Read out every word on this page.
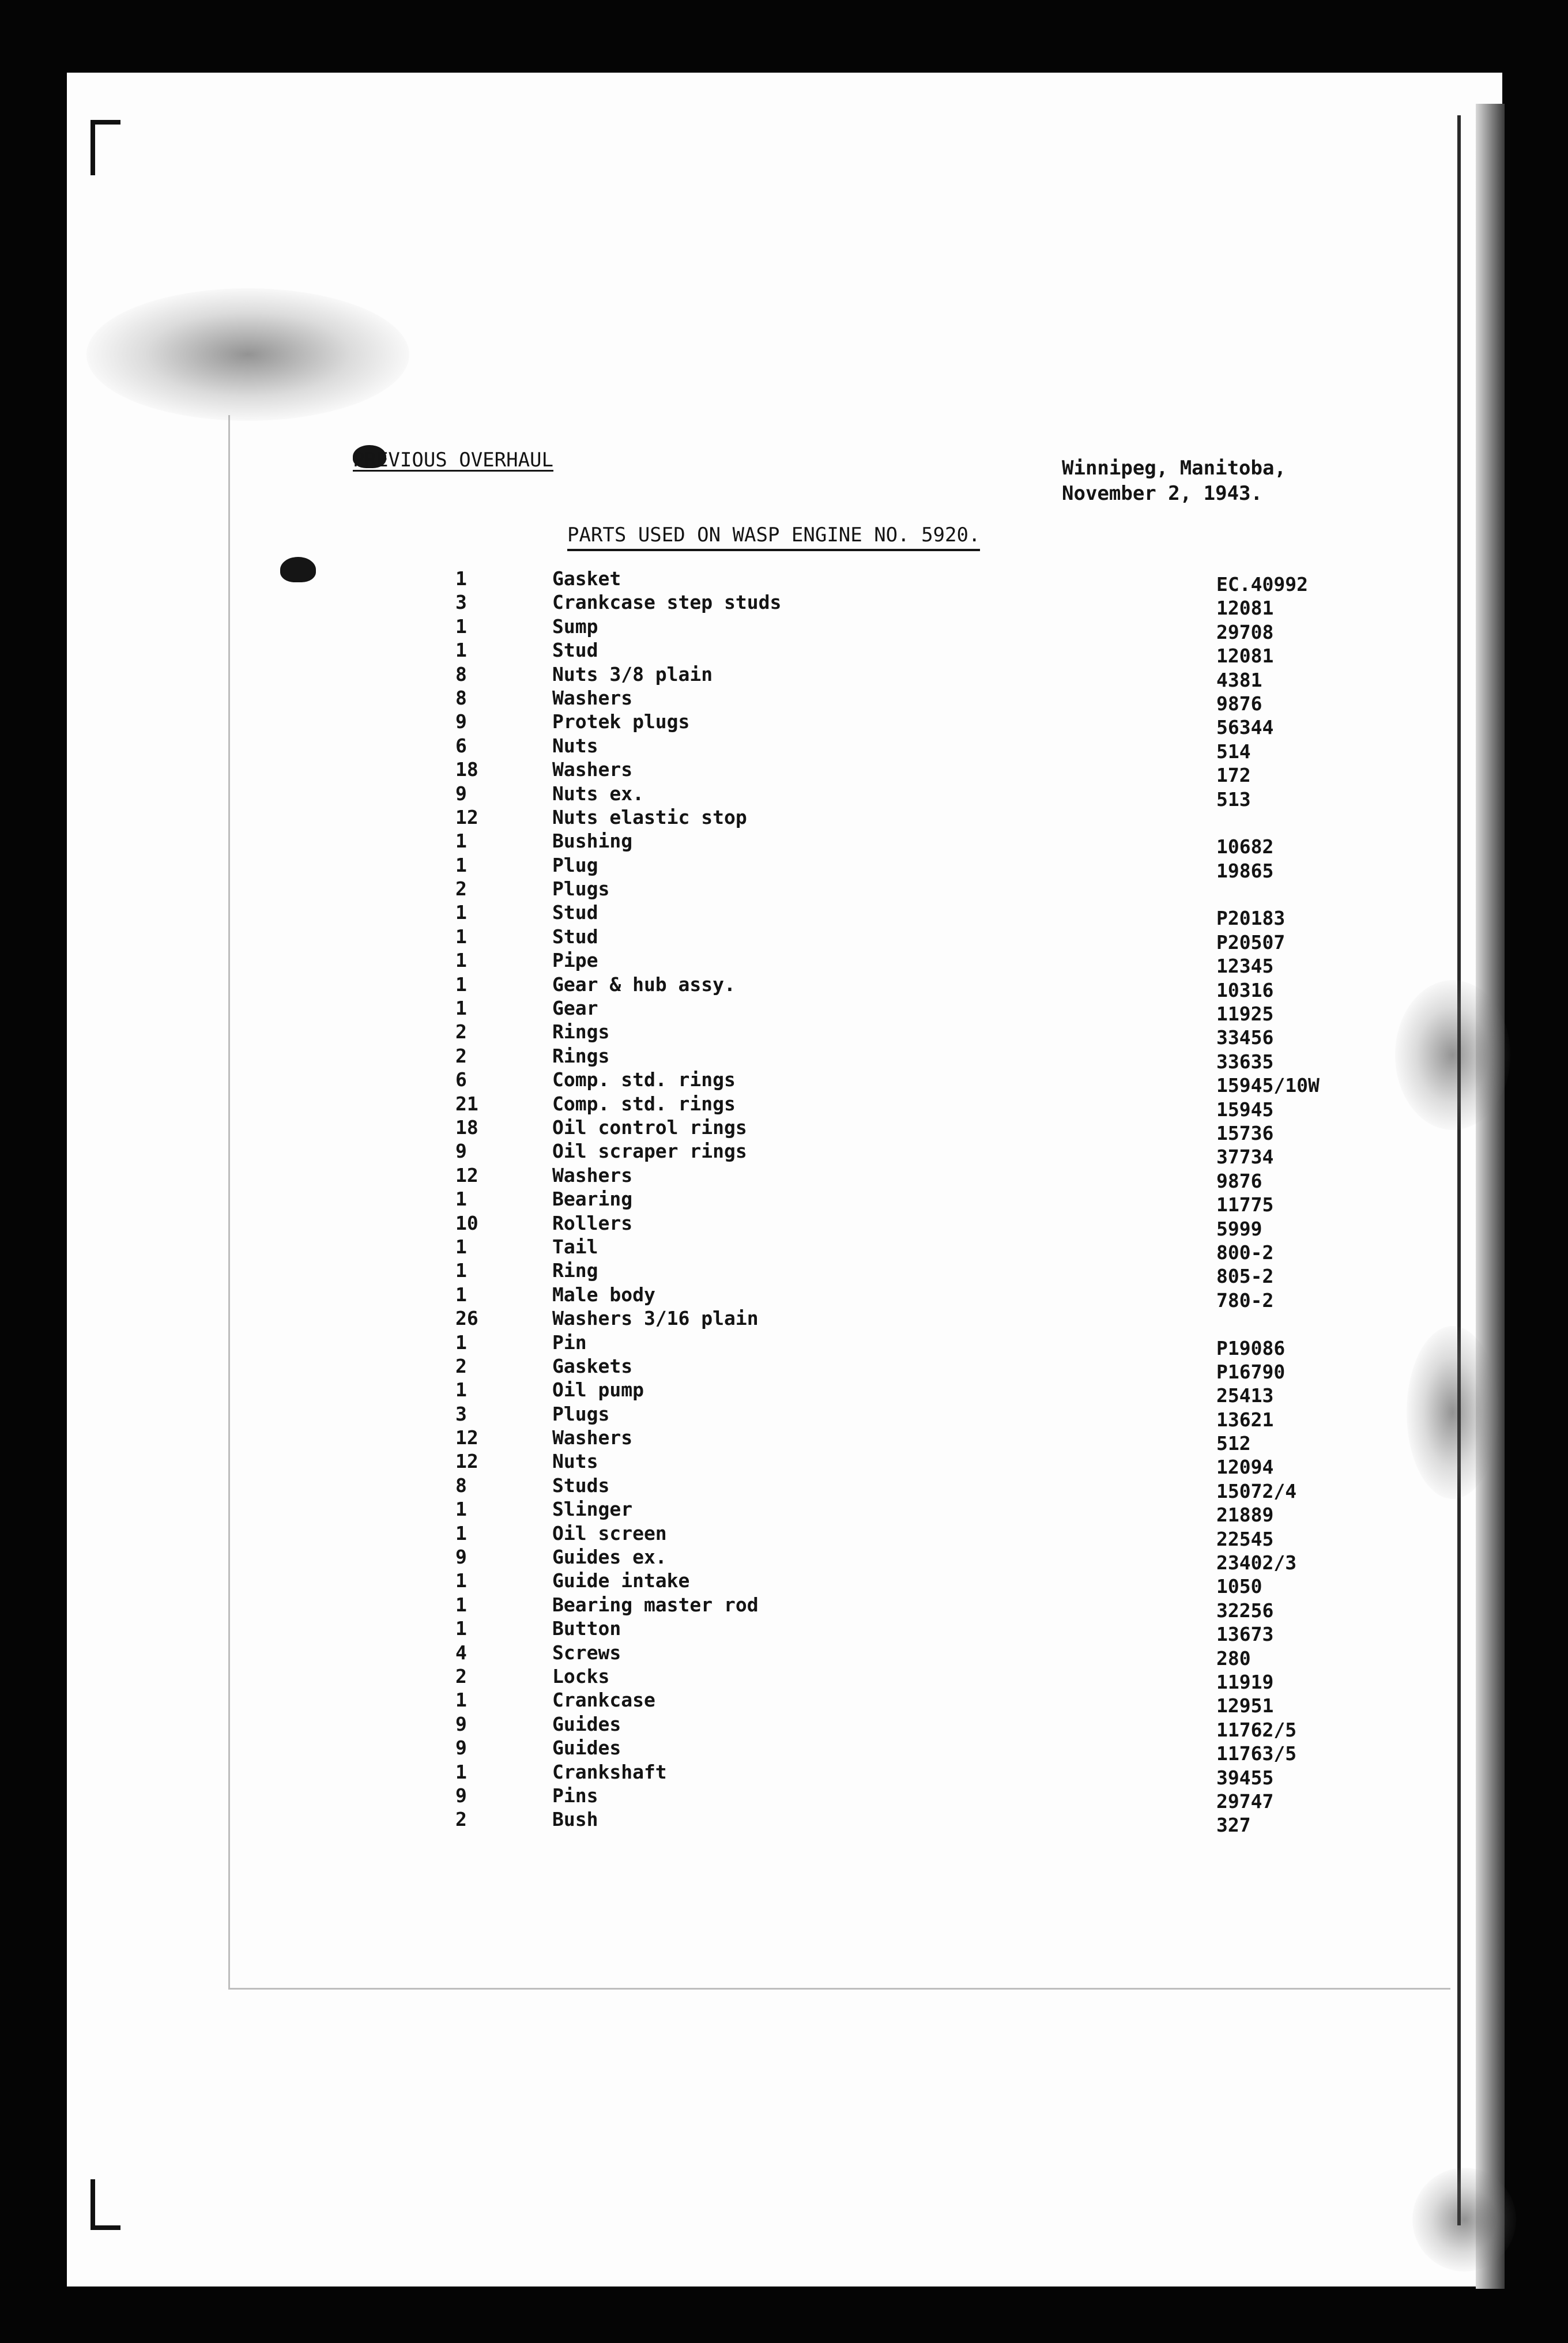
PREVIOUS OVERHAUL	Winnipeg, Manitoba,
November 2, 1943.
PARTS USED ON WASP ENGINE NO. 5920.
1	Gasket	EC.40992
3	Crankcase step studs	12081
1	Sump	29708
1	Stud	12081
8	Nuts 3/8 plain	4381
8	Washers	9876
9	Protek plugs	56344
6	Nuts	514
18	Washers	172
9	Nuts ex.	513
12	Nuts elastic stop
1	Bushing	10682
1	Plug	19865
2	Plugs
1	Stud	P20183
1	Stud	P20507
1	Pipe	12345
1	Gear & hub assy.	10316
1	Gear	11925
2	Rings	33456
2	Rings	33635
6	Comp. std. rings	15945/10W
21	Comp. std. rings	15945
18	Oil control rings	15736
9	Oil scraper rings	37734
12	Washers	9876
1	Bearing	11775
10	Rollers	5999
1	Tail	800-2
1	Ring	805-2
1	Male body	780-2
26	Washers 3/16 plain
1	Pin	P19086
2	Gaskets	P16790
1	Oil pump	25413
3	Plugs	13621
12	Washers	512
12	Nuts	12094
8	Studs	15072/4
1	Slinger	21889
1	Oil screen	22545
9	Guides ex.	23402/3
1	Guide intake	1050
1	Bearing master rod	32256
1	Button	13673
4	Screws	280
2	Locks	11919
1	Crankcase	12951
9	Guides	11762/5
9	Guides	11763/5
1	Crankshaft	39455
9	Pins	29747
2	Bush	327
